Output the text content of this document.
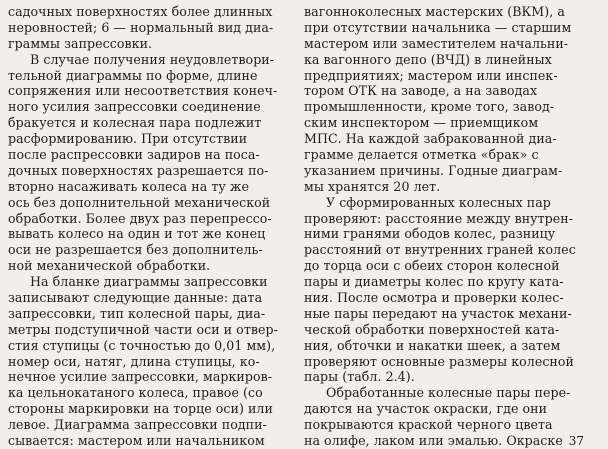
садочных поверхностях более длинных
неровностей; 6 — нормальный вид диа-
граммы запрессовки.
В случае получения неудовлетвори-
тельной диаграммы по форме, длине
сопряжения или несоответствия конеч-
ного усилия запрессовки соединение
бракуется и колесная пара подлежит
расформированию. При отсутствии
после распрессовки задиров на поса-
дочных поверхностях разрешается по-
вторно насаживать колеса на ту же
ось без дополнительной механической
обработки. Более двух раз перепрессо-
вывать колесо на один и тот же конец
оси не разрешается без дополнитель-
ной механической обработки.
На бланке диаграммы запрессовки
записывают следующие данные: дата
запрессовки, тип колесной пары, диа-
метры подступичной части оси и отвер-
стия ступицы (с точностью до 0,01 мм),
номер оси, натяг, длина ступицы, ко-
нечное усилие запрессовки, маркиров-
ка цельнокатаного колеса, правое (со
стороны маркировки на торце оси) или
левое. Диаграмма запрессовки подпи-
сывается: мастером или начальником
вагонноколесных мастерских (ВКМ), а
при отсутствии начальника — старшим
мастером или заместителем начальни-
ка вагонного депо (ВЧД) в линейных
предприятиях; мастером или инспек-
тором ОТК на заводе, а на заводах
промышленности, кроме того, завод-
ским инспектором — приемщиком
МПС. На каждой забракованной диа-
грамме делается отметка «брак» с
указанием причины. Годные диаграм-
мы хранятся 20 лет.
У сформированных колесных пар
проверяют: расстояние между внутрен-
ними гранями ободов колес, разницу
расстояний от внутренних граней колес
до торца оси с обеих сторон колесной
пары и диаметры колес по кругу ката-
ния. После осмотра и проверки колес-
ные пары передают на участок механи-
ческой обработки поверхностей ката-
ния, обточки и накатки шеек, а затем
проверяют основные размеры колесной
пары (табл. 2.4).
Обработанные колесные пары пере-
даются на участок окраски, где они
покрываются краской черного цвета
на олифе, лаком или эмалью. Окраске 37
